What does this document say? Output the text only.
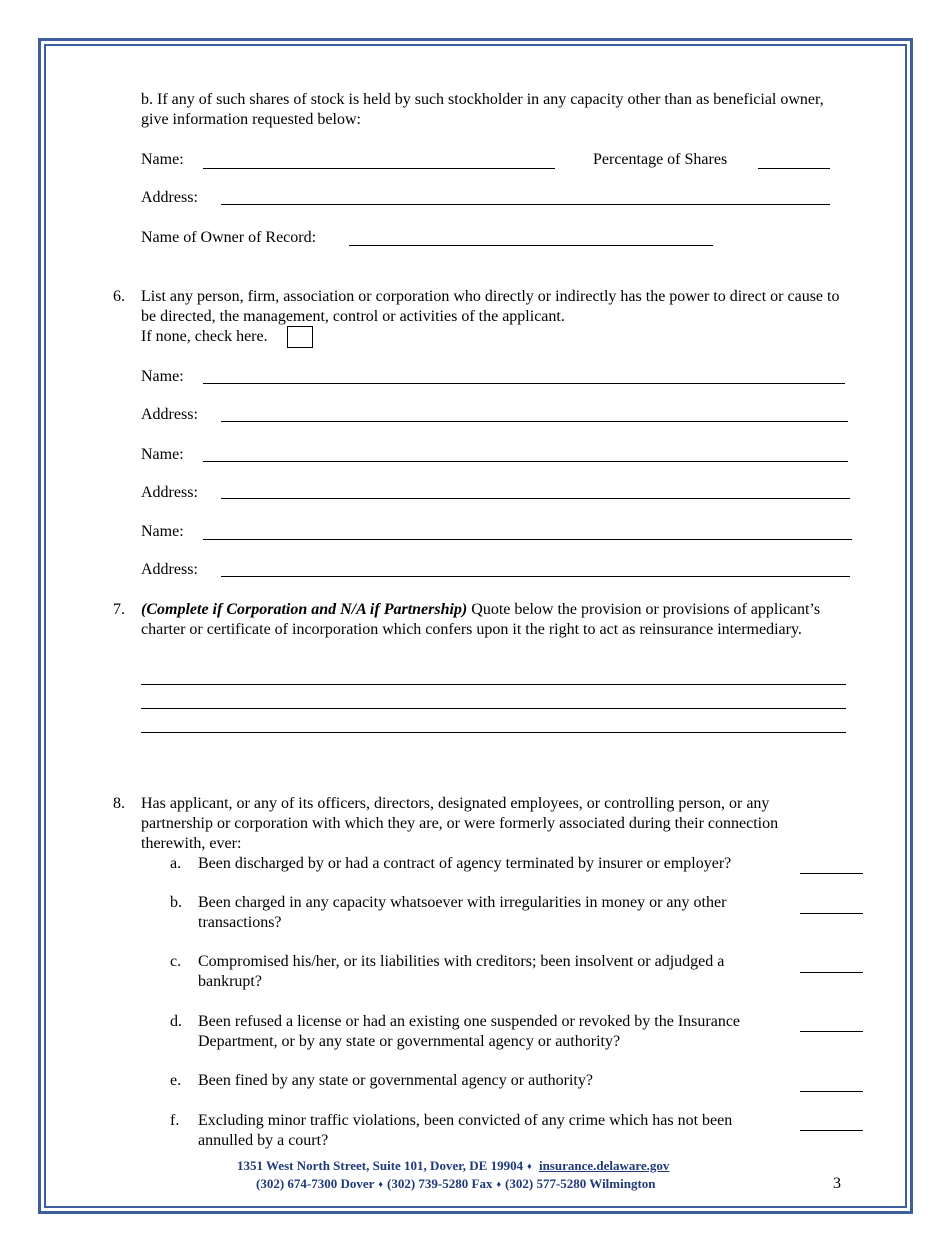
b. If any of such shares of stock is held by such stockholder in any capacity other than as beneficial owner, give information requested below:
Name:	Percentage of Shares
Address:
Name of Owner of Record:
6. List any person, firm, association or corporation who directly or indirectly has the power to direct or cause to be directed, the management, control or activities of the applicant.
If none, check here.
Name:
Address:
Name:
Address:
Name:
Address:
7. (Complete if Corporation and N/A if Partnership) Quote below the provision or provisions of applicant’s charter or certificate of incorporation which confers upon it the right to act as reinsurance intermediary.
8. Has applicant, or any of its officers, directors, designated employees, or controlling person, or any partnership or corporation with which they are, or were formerly associated during their connection therewith, ever:
a. Been discharged by or had a contract of agency terminated by insurer or employer?
b. Been charged in any capacity whatsoever with irregularities in money or any other transactions?
c. Compromised his/her, or its liabilities with creditors; been insolvent or adjudged a bankrupt?
d. Been refused a license or had an existing one suspended or revoked by the Insurance Department, or by any state or governmental agency or authority?
e. Been fined by any state or governmental agency or authority?
f. Excluding minor traffic violations, been convicted of any crime which has not been annulled by a court?
1351 West North Street, Suite 101, Dover, DE 19904 ♦ insurance.delaware.gov
(302) 674-7300 Dover ♦ (302) 739-5280 Fax ♦ (302) 577-5280 Wilmington	3
